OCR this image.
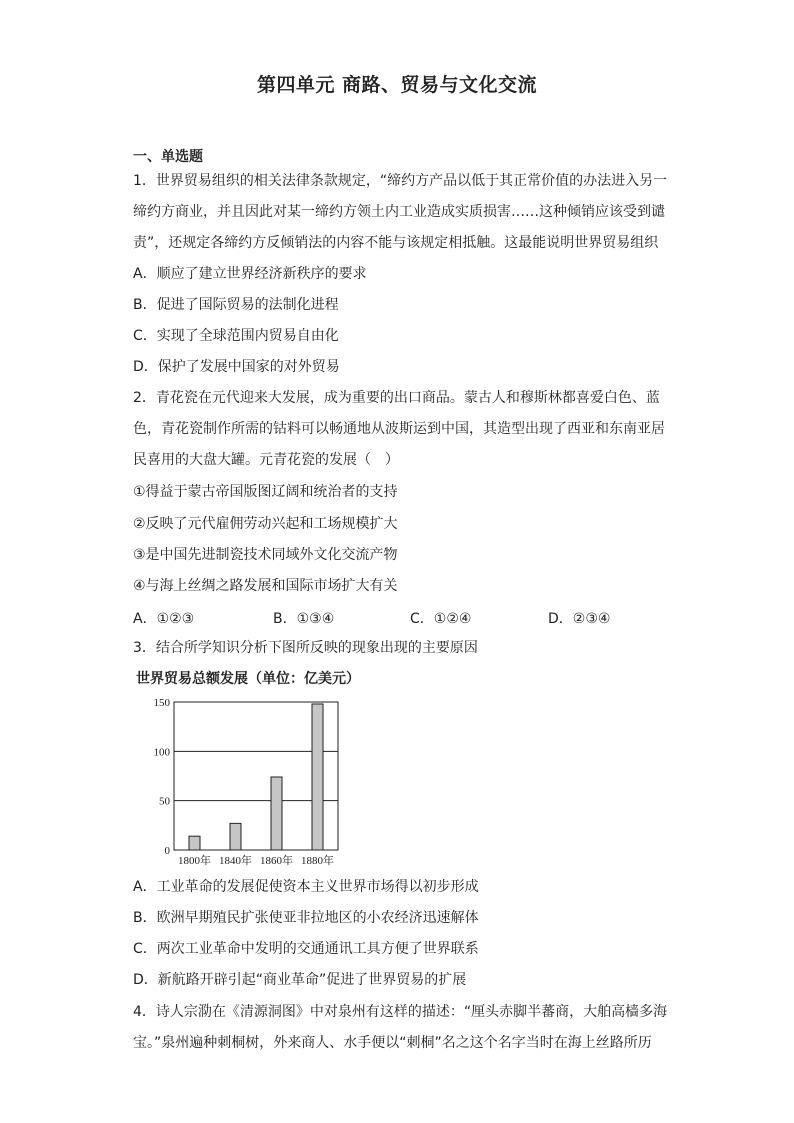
第四单元 商路、贸易与文化交流
一、单选题
1．世界贸易组织的相关法律条款规定，“缔约方产品以低于其正常价值的办法进入另一
缔约方商业，并且因此对某一缔约方领土内工业造成实质损害……这种倾销应该受到谴
责”，还规定各缔约方反倾销法的内容不能与该规定相抵触。这最能说明世界贸易组织
A．顺应了建立世界经济新秩序的要求
B．促进了国际贸易的法制化进程
C．实现了全球范围内贸易自由化
D．保护了发展中国家的对外贸易
2．青花瓷在元代迎来大发展，成为重要的出口商品。蒙古人和穆斯林都喜爱白色、蓝
色，青花瓷制作所需的钴料可以畅通地从波斯运到中国，其造型出现了西亚和东南亚居
民喜用的大盘大罐。元青花瓷的发展（　）
①得益于蒙古帝国版图辽阔和统治者的支持
②反映了元代雇佣劳动兴起和工场规模扩大
③是中国先进制瓷技术同域外文化交流产物
④与海上丝绸之路发展和国际市场扩大有关
A．①②③	B．①③④	C．①②④	D．②③④
3．结合所学知识分析下图所反映的现象出现的主要原因
世界贸易总额发展（单位：亿美元）
0
50
100
150
1800年 1840年 1860年 1880年
A．工业革命的发展促使资本主义世界市场得以初步形成
B．欧洲早期殖民扩张使亚非拉地区的小农经济迅速解体
C．两次工业革命中发明的交通通讯工具方便了世界联系
D．新航路开辟引起“商业革命”促进了世界贸易的扩展
4．诗人宗泐在《清源洞图》中对泉州有这样的描述：“厘头赤脚半蕃商，大舶高樯多海
宝。”泉州遍种刺桐树，外来商人、水手便以“刺桐”名之这个名字当时在海上丝路所历
